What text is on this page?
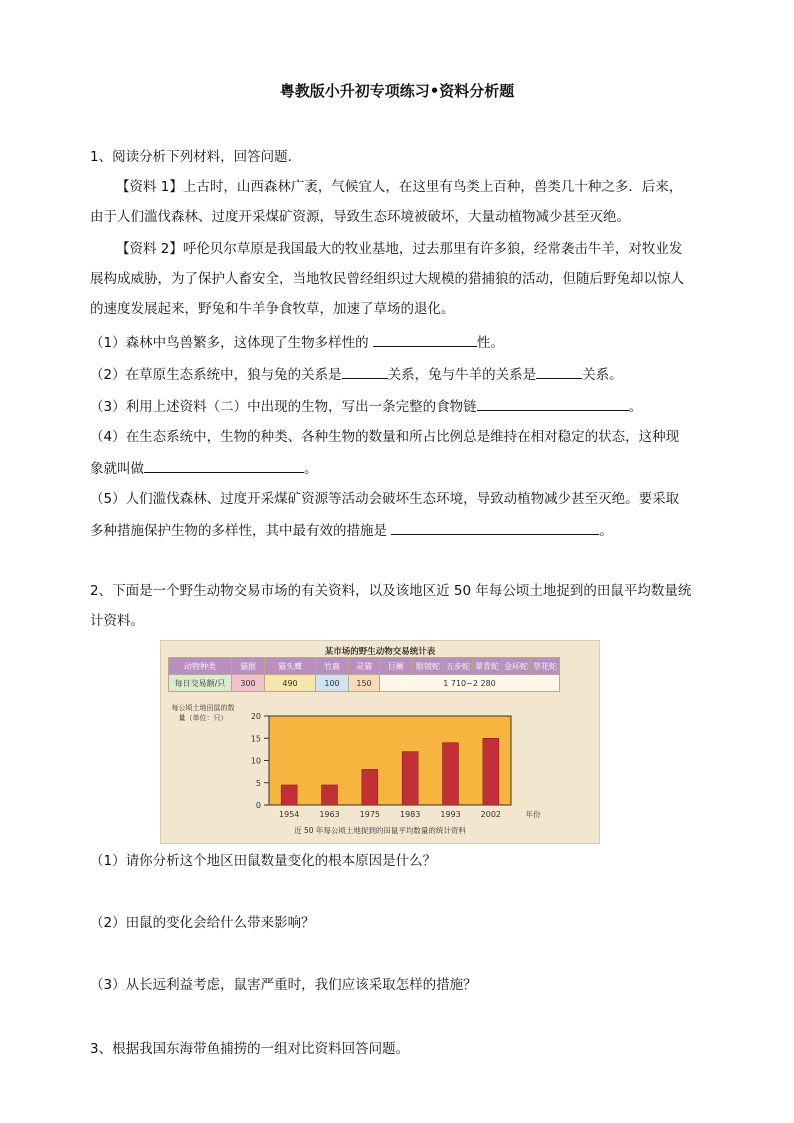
粤教版小升初专项练习•资料分析题
1、阅读分析下列材料，回答问题．
【资料 1】上古时，山西森林广袤，气候宜人，在这里有鸟类上百种，兽类几十种之多．后来，
由于人们滥伐森林、过度开采煤矿资源，导致生态环境被破坏，大量动植物减少甚至灭绝。
【资料 2】呼伦贝尔草原是我国最大的牧业基地，过去那里有许多狼，经常袭击牛羊，对牧业发
展构成威胁，为了保护人畜安全，当地牧民曾经组织过大规模的猎捕狼的活动，但随后野兔却以惊人
的速度发展起来，野兔和牛羊争食牧草，加速了草场的退化。
（1）森林中鸟兽繁多，这体现了生物多样性的	性。
（2）在草原生态系统中，狼与兔的关系是	关系，兔与牛羊的关系是	关系。
（3）利用上述资料（二）中出现的生物，写出一条完整的食物链	。
（4）在生态系统中，生物的种类、各种生物的数量和所占比例总是维持在相对稳定的状态，这种现
象就叫做	。
（5）人们滥伐森林、过度开采煤矿资源等活动会破坏生态环境，导致动植物减少甚至灭绝。要采取
多种措施保护生物的多样性，其中最有效的措施是	。
2、下面是一个野生动物交易市场的有关资料，以及该地区近 50 年每公顷土地捉到的田鼠平均数量统
计资料。
某市场的野生动物交易统计表
动物种类	猫猴	猫头鹰	竹鹿	灵猫	巨蜥	眼镜蛇	五步蛇	翠青蛇	金环蛇	草花蛇
每日交易额/只	300	490	100	150	1 710~2 280					
每公顷土地田鼠的数量（单位：只）
0
5
10
15
20
1954 1963 1975 1983 1993 2002	年份
近 50 年每公顷土地捉到的田鼠平均数量的统计资料
（1）请你分析这个地区田鼠数量变化的根本原因是什么？
（2）田鼠的变化会给什么带来影响？
（3）从长远利益考虑，鼠害严重时，我们应该采取怎样的措施？
3、根据我国东海带鱼捕捞的一组对比资料回答问题。
